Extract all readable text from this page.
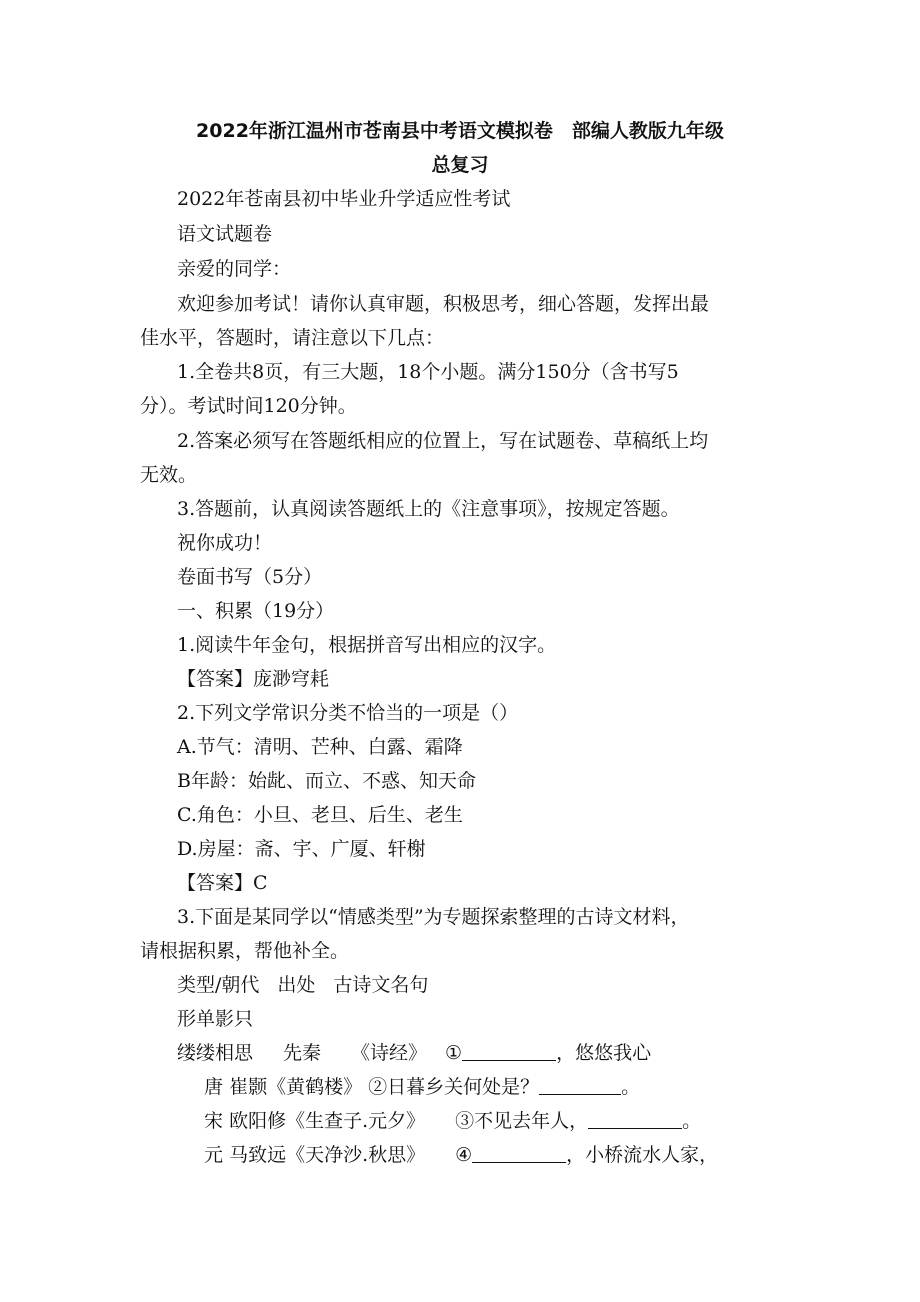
2022年浙江温州市苍南县中考语文模拟卷　部编人教版九年级
总复习
2022年苍南县初中毕业升学适应性考试
语文试题卷
亲爱的同学：
欢迎参加考试！请你认真审题，积极思考，细心答题，发挥出最
佳水平，答题时，请注意以下几点：
1.全卷共8页，有三大题，18个小题。满分150分（含书写5
分）。考试时间120分钟。
2.答案必须写在答题纸相应的位置上，写在试题卷、草稿纸上均
无效。
3.答题前，认真阅读答题纸上的《注意事项》，按规定答题。
祝你成功！
卷面书写（5分）
一、积累（19分）
1.阅读牛年金句，根据拼音写出相应的汉字。
【答案】庞渺穹耗
2.下列文学常识分类不恰当的一项是（）
A.节气：清明、芒种、白露、霜降
B年龄：始龀、而立、不惑、知天命
C.角色：小旦、老旦、后生、老生
D.房屋：斋、宇、广厦、轩榭
【答案】C
3.下面是某同学以“情感类型”为专题探索整理的古诗文材料，
请根据积累，帮他补全。
类型/朝代 出处 古诗文名句
形单影只
缕缕相思 先秦 《诗经》 ①	，悠悠我心
唐 崔颢《黄鹤楼》 ②日暮乡关何处是？	。
宋 欧阳修《生查子.元夕》 ③不见去年人，	。
元 马致远《天净沙.秋思》 ④	，小桥流水人家，
